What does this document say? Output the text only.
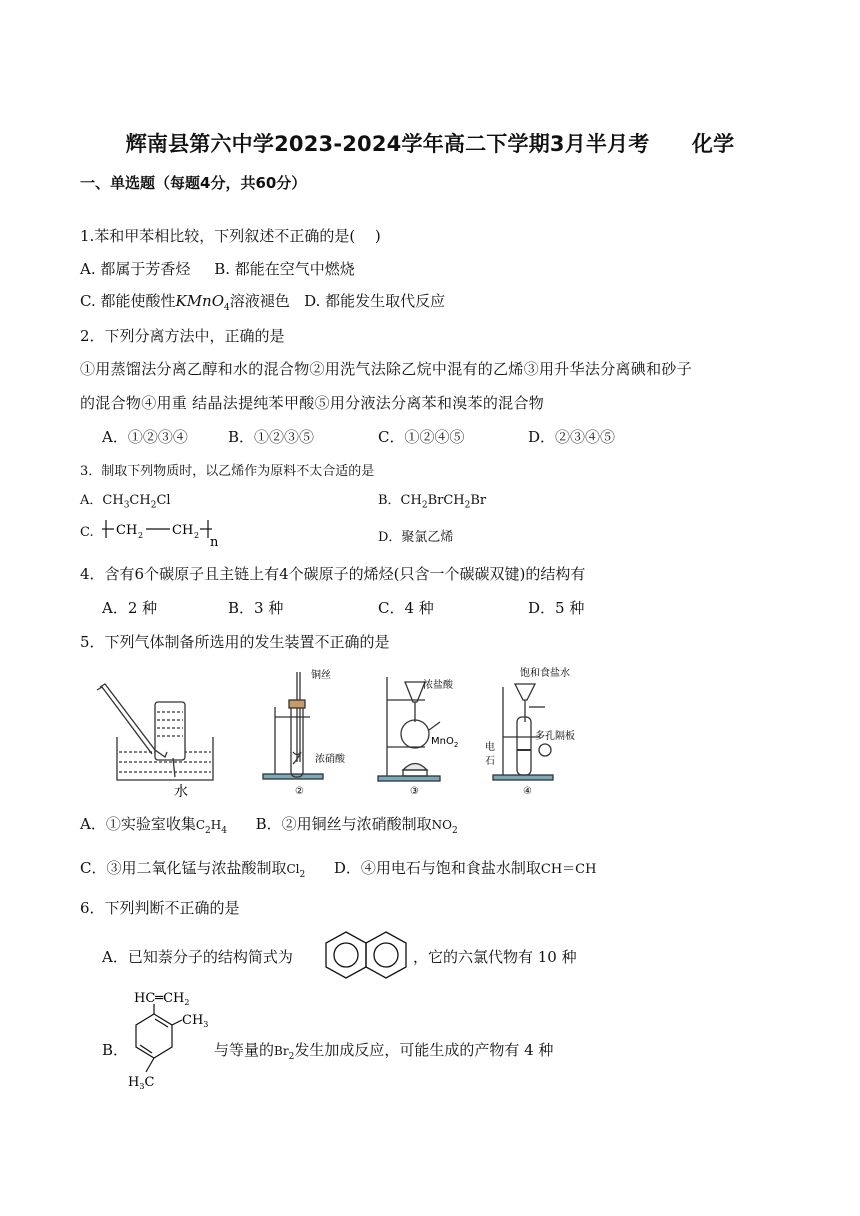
辉南县第六中学2023-2024学年高二下学期3月半月考　　化学
一、单选题（每题4分，共60分）
1.苯和甲苯相比较，下列叙述不正确的是(　 )
A. 都属于芳香烃 B. 都能在空气中燃烧
C. 都能使酸性KMnO$_4$溶液褪色 D. 都能发生取代反应
2．下列分离方法中，正确的是
①用蒸馏法分离乙醇和水的混合物②用洗气法除乙烷中混有的乙烯③用升华法分离碘和砂子
的混合物④用重 结晶法提纯苯甲酸⑤用分液法分离苯和溴苯的混合物
A．①②③④	B．①②③⑤	C．①②④⑤	D．②③④⑤
3．制取下列物质时，以乙烯作为原料不太合适的是
A．$CH_3CH_2Cl$	B．$CH_2BrCH_2Br$
C. CH 2 CH 2 n	D．聚氯乙烯
4．含有6个碳原子且主链上有4个碳原子的烯烃(只含一个碳碳双键)的结构有
A．2 种	B．3 种	C．4 种	D．5 种
5．下列气体制备所选用的发生装置不正确的是
水
铜丝
浓硝酸
②
浓盐酸
MnO$_2$
③
饱和食盐水
多孔隔板
电
石
④
A．①实验室收集$C_2H_4$ B．②用铜丝与浓硝酸制取$NO_2$
C．③用二氧化锰与浓盐酸制取$Cl_2$ D．④用电石与饱和食盐水制取CH＝CH
6．下列判断不正确的是
A．已知萘分子的结构简式为	，它的六氯代物有 10 种
B．
$HC═CH_2$
$CH_3$
$H_3C$
与等量的$Br_2$发生加成反应，可能生成的产物有 4 种
